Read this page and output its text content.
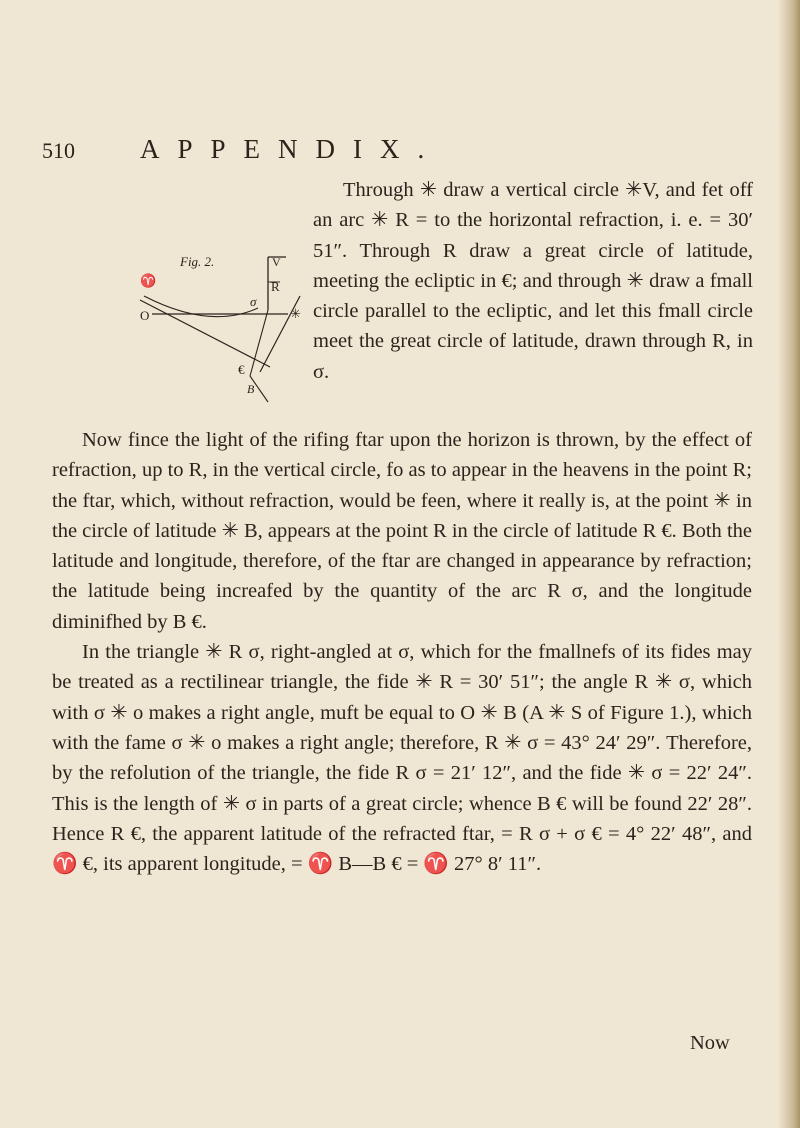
510 APPENDIX.
Fig. 2.
♈
V
R
σ
✳
O
€
B

Through ✳ draw a vertical circle ✳V, and fet off an arc ✳ R = to the horizontal refraction, i. e. = 30′ 51″. Through R draw a great circle of latitude, meeting the ecliptic in €; and through ✳ draw a fmall circle parallel to the ecliptic, and let this fmall circle meet the great circle of latitude, drawn through R, in σ.

Now fince the light of the rifing ftar upon the horizon is thrown, by the effect of refraction, up to R, in the vertical circle, fo as to appear in the heavens in the point R; the ftar, which, without refraction, would be feen, where it really is, at the point ✳ in the circle of latitude ✳ B, appears at the point R in the circle of latitude R €. Both the latitude and longitude, therefore, of the ftar are changed in appearance by refraction; the latitude being increafed by the quantity of the arc R σ, and the longitude diminifhed by B €.

In the triangle ✳ R σ, right-angled at σ, which for the fmallnefs of its fides may be treated as a rectilinear triangle, the fide ✳ R = 30′ 51″; the angle R ✳ σ, which with σ ✳ o makes a right angle, muft be equal to O ✳ B (A ✳ S of Figure 1.), which with the fame σ ✳ o makes a right angle; therefore, R ✳ σ = 43° 24′ 29″. Therefore, by the refolution of the triangle, the fide R σ = 21′ 12″, and the fide ✳ σ = 22′ 24″. This is the length of ✳ σ in parts of a great circle; whence B € will be found 22′ 28″. Hence R €, the apparent latitude of the refracted ftar, = R σ + σ € = 4° 22′ 48″, and ♈ €, its apparent longitude, = ♈ B—B € = ♈ 27° 8′ 11″.

Now
